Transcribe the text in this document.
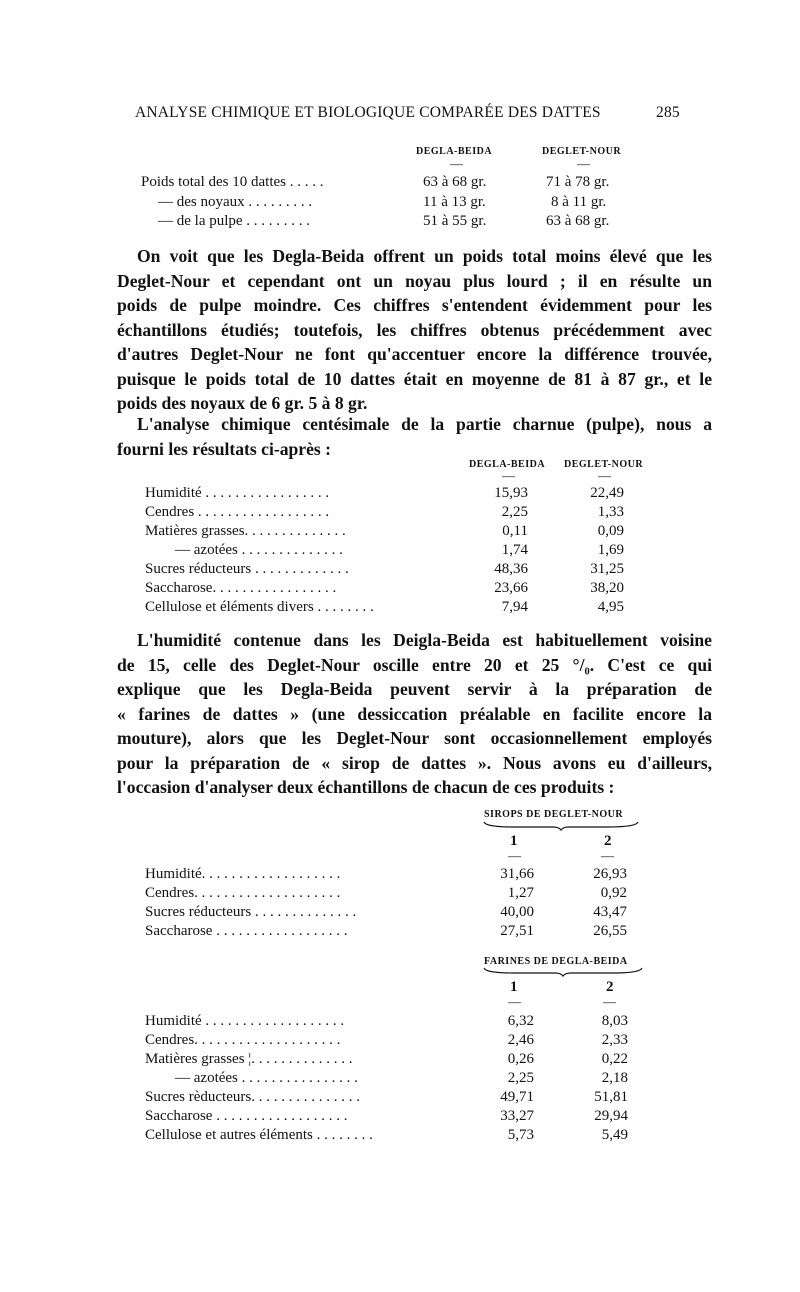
ANALYSE CHIMIQUE ET BIOLOGIQUE COMPARÉE DES DATTES	285
DEGLA-BEIDA	DEGLET-NOUR
—	—
Poids total des 10 dattes . . . . .	63 à 68 gr.	71 à 78 gr.
— des noyaux . . . . . . . . .	11 à 13 gr.	8 à 11 gr.
— de la pulpe . . . . . . . . .	51 à 55 gr.	63 à 68 gr.
On voit que les Degla-Beida offrent un poids total moins élevé que les
Deglet-Nour et cependant ont un noyau plus lourd ; il en résulte un
poids de pulpe moindre. Ces chiffres s'entendent évidemment pour les
échantillons étudiés; toutefois, les chiffres obtenus précédemment avec
d'autres Deglet-Nour ne font qu'accentuer encore la différence trouvée,
puisque le poids total de 10 dattes était en moyenne de 81 à 87 gr., et le
poids des noyaux de 6 gr. 5 à 8 gr.
L'analyse chimique centésimale de la partie charnue (pulpe), nous a
fourni les résultats ci-après :
DEGLA-BEIDA DEGLET-NOUR
—	—
Humidité . . . . . . . . . . . . . . . . .	15,93	22,49
Cendres . . . . . . . . . . . . . . . . . .	2,25	1,33
Matières grasses. . . . . . . . . . . . . .	0,11	0,09
— azotées . . . . . . . . . . . . . .	1,74	1,69
Sucres réducteurs . . . . . . . . . . . . .	48,36	31,25
Saccharose. . . . . . . . . . . . . . . . .	23,66	38,20
Cellulose et éléments divers . . . . . . . .	7,94	4,95
L'humidité contenue dans les Deigla-Beida est habituellement voisine
de 15, celle des Deglet-Nour oscille entre 20 et 25 °/₀. C'est ce qui
explique que les Degla-Beida peuvent servir à la préparation de
« farines de dattes » (une dessiccation préalable en facilite encore la
mouture), alors que les Deglet-Nour sont occasionnellement employés
pour la préparation de « sirop de dattes ». Nous avons eu d'ailleurs,
l'occasion d'analyser deux échantillons de chacun de ces produits :
SIROPS DE DEGLET-NOUR
1	2
—	—
Humidité. . . . . . . . . . . . . . . . . . .	31,66	26,93
Cendres. . . . . . . . . . . . . . . . . . . .	1,27	0,92
Sucres réducteurs . . . . . . . . . . . . . .	40,00	43,47
Saccharose . . . . . . . . . . . . . . . . . .	27,51	26,55
FARINES DE DEGLA-BEIDA
1	2
—	—
Humidité . . . . . . . . . . . . . . . . . . .	6,32	8,03
Cendres. . . . . . . . . . . . . . . . . . . .	2,46	2,33
Matières grasses ¦. . . . . . . . . . . . . .	0,26	0,22
— azotées . . . . . . . . . . . . . . . .	2,25	2,18
Sucres rèducteurs. . . . . . . . . . . . . . .	49,71	51,81
Saccharose . . . . . . . . . . . . . . . . . .	33,27	29,94
Cellulose et autres éléments . . . . . . . .	5,73	5,49
